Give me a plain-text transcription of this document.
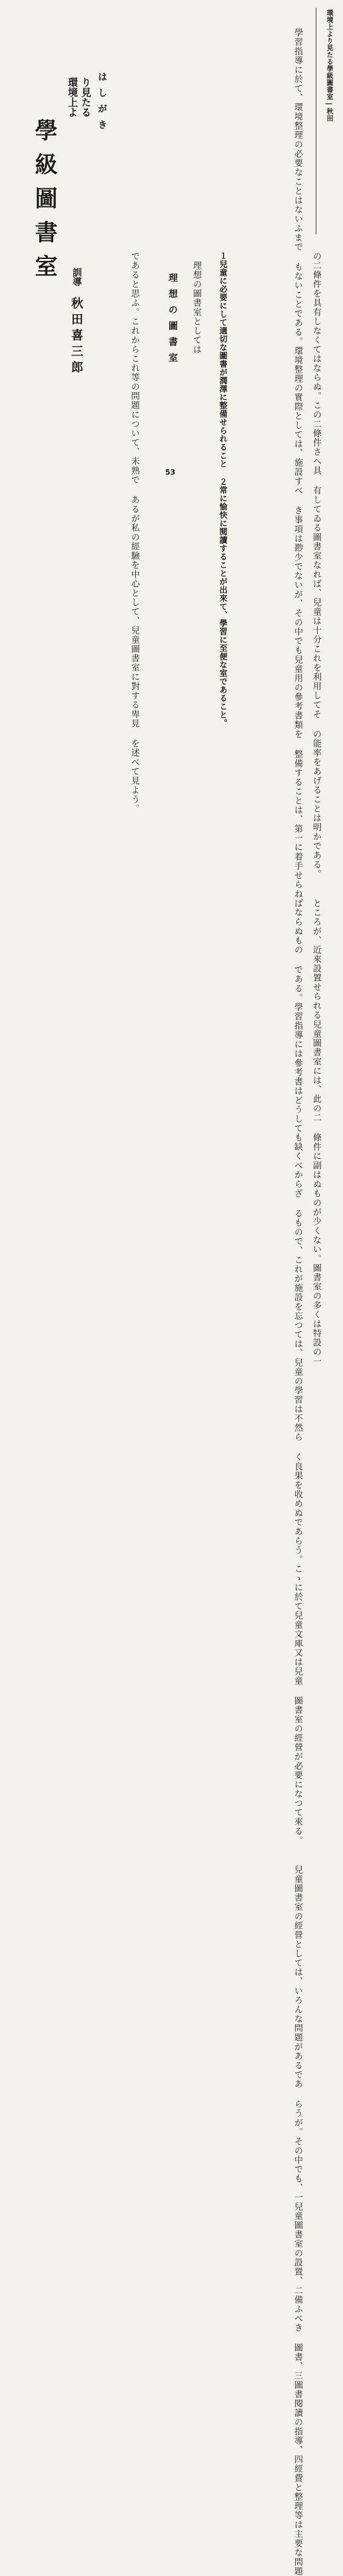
環境上より見たる學級圖書室―秋田
環境上よ り見たる
學級圖書室	訓導
秋田喜三郎
はしがき	學習指導に於て、環境整理の必要なことはないふまで もないことである。環境整理の實際としては、施設すべ き事項は尠少でないが、その中でも兒童用の參考書類を 整備することは、第一に着手せらねばならぬもの である。學習指導には參考書はどうしても缺くべからざ るもので、これが施設を忘つては、兒童の學習は不然ら く良果を收めぬであらう。こゝに於て兒童文庫又は兒童 圖書室の經營が必要になつて來る。 　兒童圖書室の經營としては、いろんな問題があるであ らうが。その中でも、一兒童圖書室の設置、二備ふべき 圖書、三圖書閱讀の指導、四經費と整理等は主要な問題
であると思ふ。これからこれ等の問題について、未熟で あるが私の經驗を中心として、兒童圖書室に對する卑見 を述べて見よう。
理想の圖書室 　理想の圖書室としては １兒童に必要にして適切な圖書が潤澤に整備せられること ２常に愉快に閱讀することが出來て、學習に至便な室であること。
の二條件を具有しなくてはならぬ。この二條件さへ具 有してゐる圖書室なれば、兒童は十分これを利用してそ の能率をあげることは明かである。 　ところが、近來設置せられる兒童圖書室には、此の二 條件に副はぬものが少くない。圖書室の多くは特設の一
53
